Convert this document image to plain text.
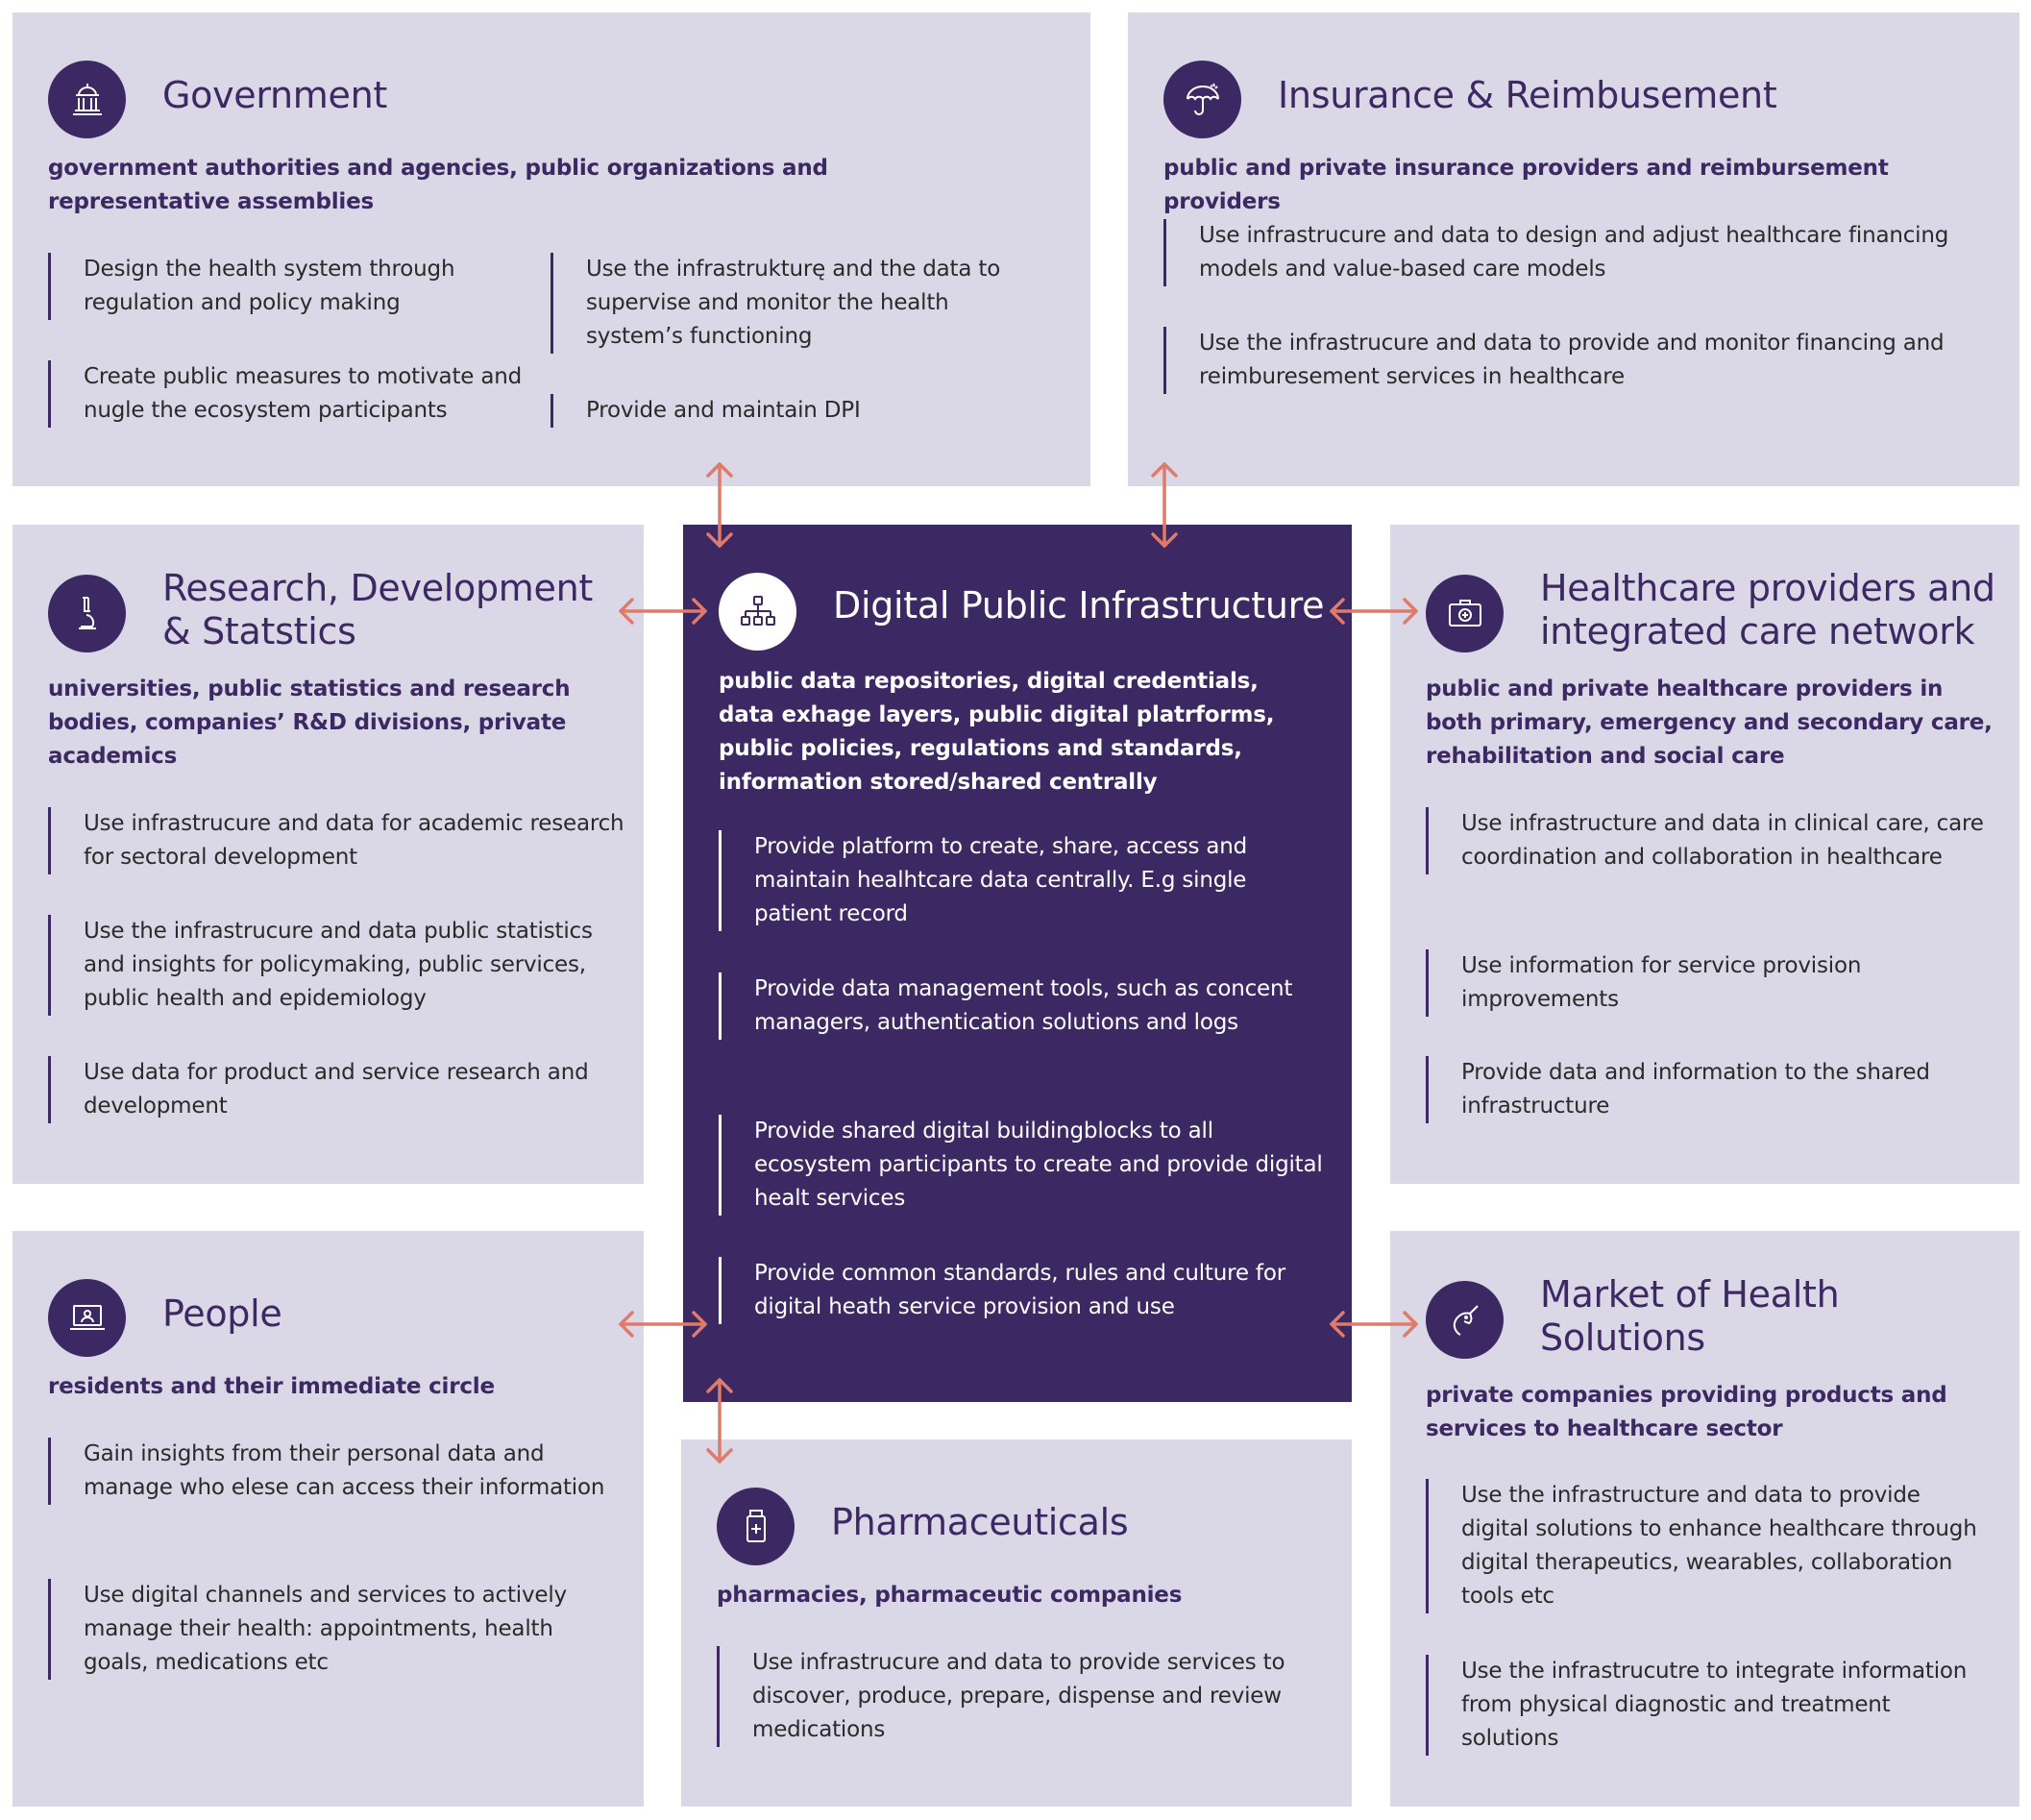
Government
government authorities and agencies, public organizations and representative assemblies
Design the health system through regulation and policy making
Create public measures to motivate and nugle the ecosystem participants
Use the infrastrukturę and the data to supervise and monitor the health system’s functioning
Provide and maintain DPI
Insurance & Reimbusement
public and private insurance providers and reimbursement providers
Use infrastrucure and data to design and adjust healthcare financing models and value-based care models
Use the infrastrucure and data to provide and monitor financing and reimburesement services in healthcare
Research, Development
& Statstics
universities, public statistics and research bodies, companies’ R&D divisions, private academics
Use infrastrucure and data for academic research for sectoral development
Use the infrastrucure and data public statistics and insights for policymaking, public services, public health and epidemiology
Use data for product and service research and development
Digital Public Infrastructure
public data repositories, digital credentials, data exhage layers, public digital platrforms, public policies, regulations and standards, information stored/shared centrally
Provide platform to create, share, access and maintain healhtcare data centrally. E.g single patient record
Provide data management tools, such as concent managers, authentication solutions and logs
Provide shared digital buildingblocks to all ecosystem participants to create and provide digital healt services
Provide common standards, rules and culture for digital heath service provision and use
Healthcare providers and
integrated care network
public and private healthcare providers in both primary, emergency and secondary care, rehabilitation and social care
Use infrastructure and data in clinical care, care coordination and collaboration in healthcare
Use information for service provision improvements
Provide data and information to the shared infrastructure
People
residents and their immediate circle
Gain insights from their personal data and manage who elese can access their information
Use digital channels and services to actively manage their health: appointments, health goals, medications etc
Pharmaceuticals
pharmacies, pharmaceutic companies
Use infrastrucure and data to provide services to discover, produce, prepare, dispense and review medications
Market of Health
Solutions
private companies providing products and services to healthcare sector
Use the infrastructure and data to provide digital solutions to enhance healthcare through digital therapeutics, wearables, collaboration tools etc
Use the infrastrucutre to integrate information from physical diagnostic and treatment solutions
